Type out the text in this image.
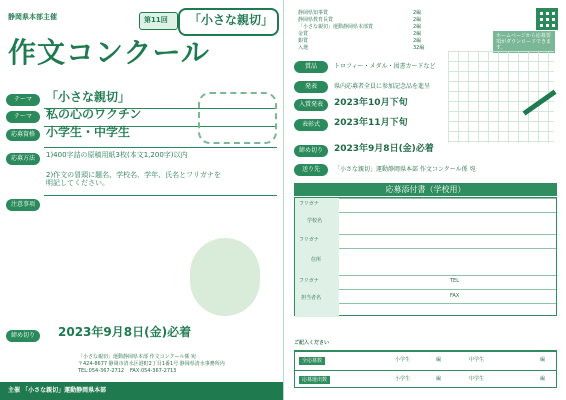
静岡県本部主催	第11回 「小さな親切」
作文コンクール
テーマ	「小さな親切」
テーマ	私の心のワクチン
応募資格 小学生・中学生
応募方法	1)400字詰の原稿用紙3枚(本文1,200字)以内
2)作文の冒頭に題名、学校名、学年、氏名とフリガナを明記してください。
注意事項
締め切り	2023年9月8日(金)必着
「小さな親切」運動静岡県本部 作文コンクール係 宛
〒424-8677 静岡市清水区港町2丁目1番1号 静岡県清水事務所内
TEL:054-367-2712 FAX:054-367-2713
主催 「小さな親切」運動静岡県本部
静岡県知事賞	2編
静岡県教育長賞	2編
「小さな親切」運動静岡県本部賞	2編
金賞	2編
銀賞	2編
入選	32編
ホームページから応募要項がダウンロードできます。
賞品	トロフィー・メダル・図書カードなど
発表	県内応募者全員に参加記念品を進呈
入賞発表	2023年10月下旬
表彰式	2023年11月下旬
締め切り	2023年9月8日(金)必着
送り先	「小さな親切」運動静岡県本部 作文コンクール係 宛
応募添付書（学校用）
フリガナ
学校名
フリガナ
住所
フリガナ
担当者名
TEL
FAX
ご記入ください
全応募数
応募運出数
小学生	編	中学生	編
小学生	編	中学生	編
